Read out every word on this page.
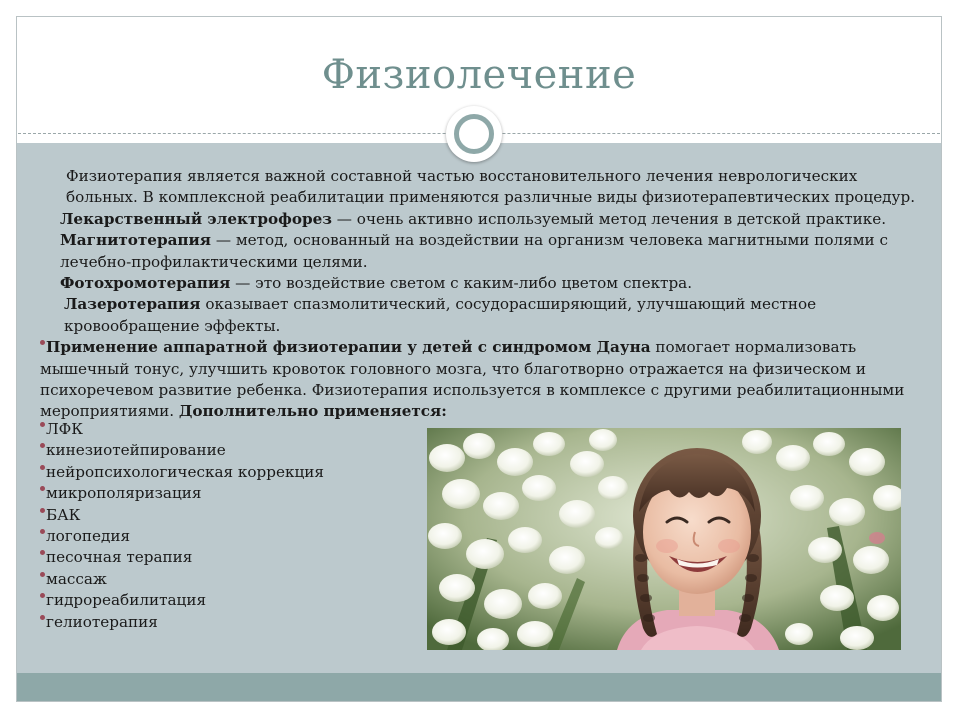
Физиолечение

Физиотерапия является важной составной частью восстановительного лечения неврологических больных. В комплексной реабилитации применяются различные виды физиотерапевтических процедур.

Лекарственный электрофорез — очень активно используемый метод лечения в детской практике.

Магнитотерапия — метод, основанный на воздействии на организм человека магнитными полями с лечебно-профилактическими целями.

Фотохромотерапия — это воздействие светом с каким-либо цветом спектра.

Лазеротерапия оказывает спазмолитический, сосудорасширяющий, улучшающий местное кровообращение эффекты.

Применение аппаратной физиотерапии у детей с синдромом Дауна помогает нормализовать мышечный тонус, улучшить кровоток головного мозга, что благотворно отражается на физическом и психоречевом развитие ребенка. Физиотерапия используется в комплексе с другими реабилитационными мероприятиями. Дополнительно применяется:

ЛФК
кинезиотейпирование
нейропсихологическая коррекция
микрополяризация
БАК
логопедия
песочная терапия
массаж
гидрореабилитация
гелиотерапия
